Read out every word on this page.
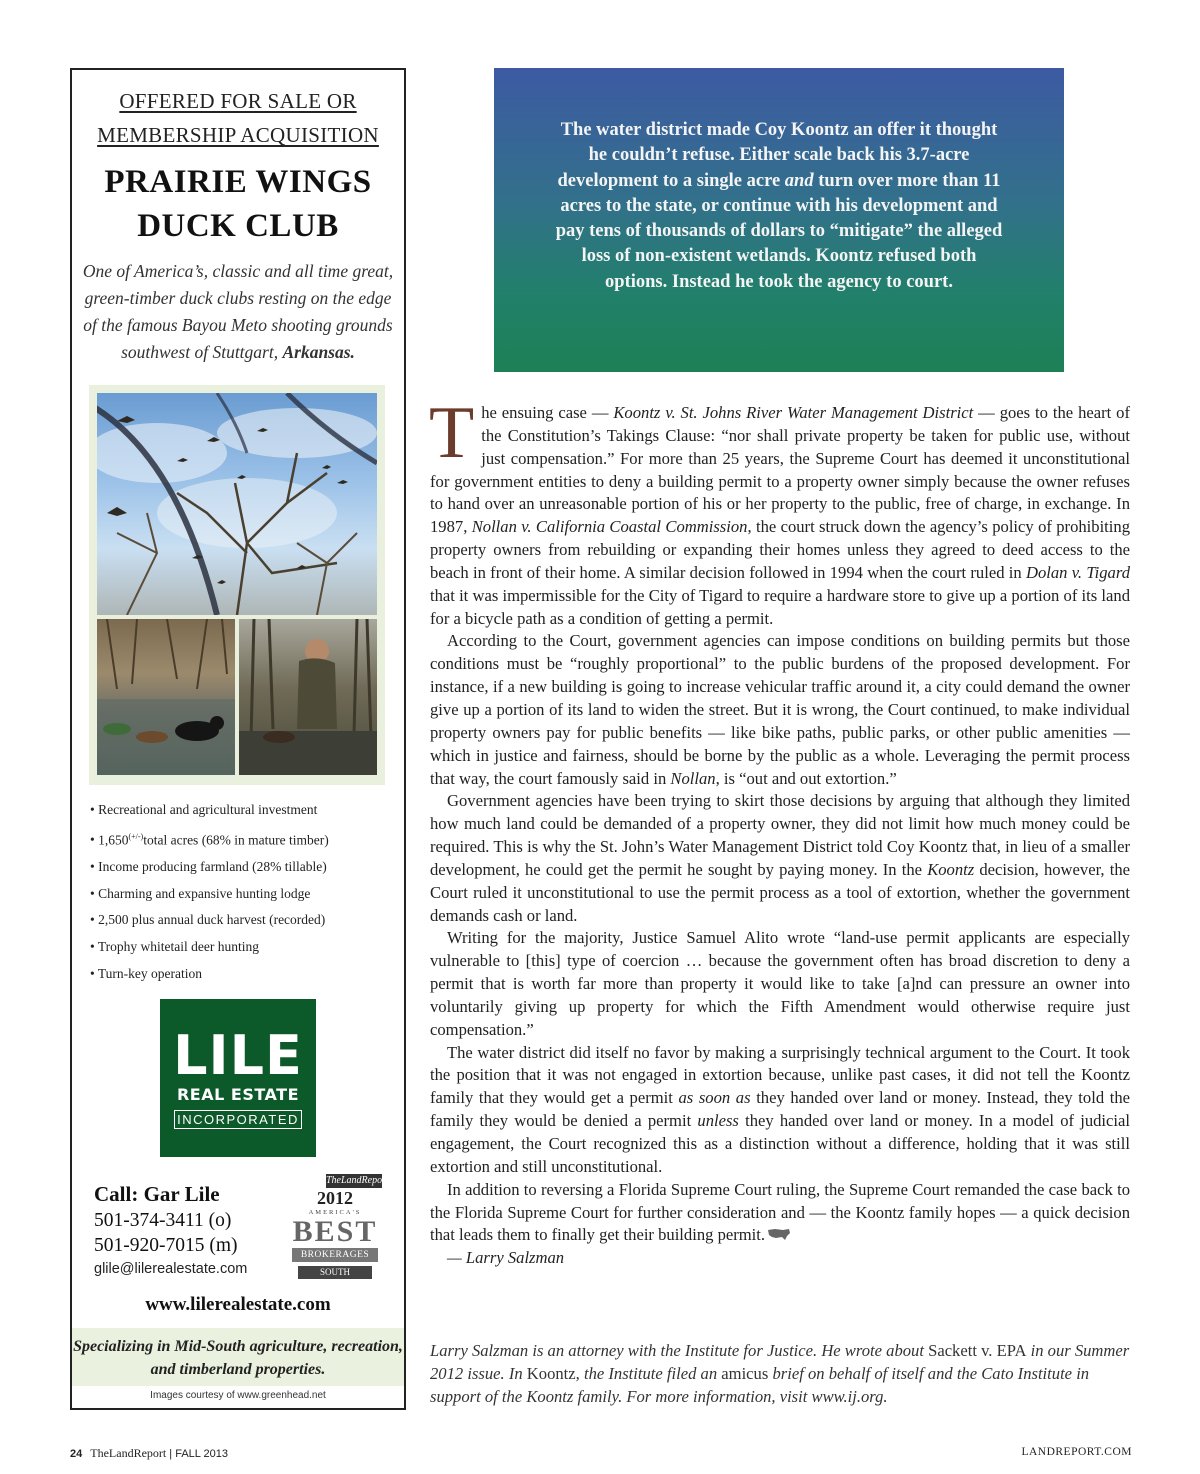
OFFERED FOR SALE OR
MEMBERSHIP ACQUISITION
PRAIRIE WINGS
DUCK CLUB

One of America’s, classic and all time great, green-timber duck clubs resting on the edge of the famous Bayou Meto shooting grounds southwest of Stuttgart, Arkansas.

• Recreational and agricultural investment
• 1,650(+/-)total acres (68% in mature timber)
• Income producing farmland (28% tillable)
• Charming and expansive hunting lodge
• 2,500 plus annual duck harvest (recorded)
• Trophy whitetail deer hunting
• Turn-key operation
LILE
REAL ESTATE
INCORPORATED
Call: Gar Lile
501-374-3411 (o)
501-920-7015 (m)
glile@lilerealestate.com
TheLandReport
2012
AMERICA'S
BEST
BROKERAGES
SOUTH
www.lilerealestate.com
Specializing in Mid-South agriculture, recreation, and timberland properties.
Images courtesy of www.greenhead.net

The water district made Coy Koontz an offer it thought he couldn’t refuse. Either scale back his 3.7-acre development to a single acre and turn over more than 11 acres to the state, or continue with his development and pay tens of thousands of dollars to “mitigate” the alleged loss of non-existent wetlands. Koontz refused both options. Instead he took the agency to court.

The ensuing case — Koontz v. St. Johns River Water Management District — goes to the heart of the Constitution’s Takings Clause: “nor shall private property be taken for public use, without just compensation.” For more than 25 years, the Supreme Court has deemed it unconstitutional for government entities to deny a building permit to a property owner simply because the owner refuses to hand over an unreasonable portion of his or her property to the public, free of charge, in exchange. In 1987, Nollan v. California Coastal Commission, the court struck down the agency’s policy of prohibiting property owners from rebuilding or expanding their homes unless they agreed to deed access to the beach in front of their home. A similar decision followed in 1994 when the court ruled in Dolan v. Tigard that it was impermissible for the City of Tigard to require a hardware store to give up a portion of its land for a bicycle path as a condition of getting a permit.

According to the Court, government agencies can impose conditions on building permits but those conditions must be “roughly proportional” to the public burdens of the proposed development. For instance, if a new building is going to increase vehicular traffic around it, a city could demand the owner give up a portion of its land to widen the street. But it is wrong, the Court continued, to make individual property owners pay for public benefits — like bike paths, public parks, or other public amenities — which in justice and fairness, should be borne by the public as a whole. Leveraging the permit process that way, the court famously said in Nollan, is “out and out extortion.”

Government agencies have been trying to skirt those decisions by arguing that although they limited how much land could be demanded of a property owner, they did not limit how much money could be required. This is why the St. John’s Water Management District told Coy Koontz that, in lieu of a smaller development, he could get the permit he sought by paying money. In the Koontz decision, however, the Court ruled it unconstitutional to use the permit process as a tool of extortion, whether the government demands cash or land.

Writing for the majority, Justice Samuel Alito wrote “land-use permit applicants are especially vulnerable to [this] type of coercion … because the government often has broad discretion to deny a permit that is worth far more than property it would like to take [a]nd can pressure an owner into voluntarily giving up property for which the Fifth Amendment would otherwise require just compensation.”

The water district did itself no favor by making a surprisingly technical argument to the Court. It took the position that it was not engaged in extortion because, unlike past cases, it did not tell the Koontz family that they would get a permit as soon as they handed over land or money. Instead, they told the family they would be denied a permit unless they handed over land or money. In a model of judicial engagement, the Court recognized this as a distinction without a difference, holding that it was still extortion and still unconstitutional.

In addition to reversing a Florida Supreme Court ruling, the Supreme Court remanded the case back to the Florida Supreme Court for further consideration and — the Koontz family hopes — a quick decision that leads them to finally get their building permit.

— Larry Salzman

Larry Salzman is an attorney with the Institute for Justice. He wrote about Sackett v. EPA in our Summer 2012 issue. In Koontz, the Institute filed an amicus brief on behalf of itself and the Cato Institute in support of the Koontz family. For more information, visit www.ij.org.
24 TheLandReport | FALL 2013	LANDREPORT.COM
